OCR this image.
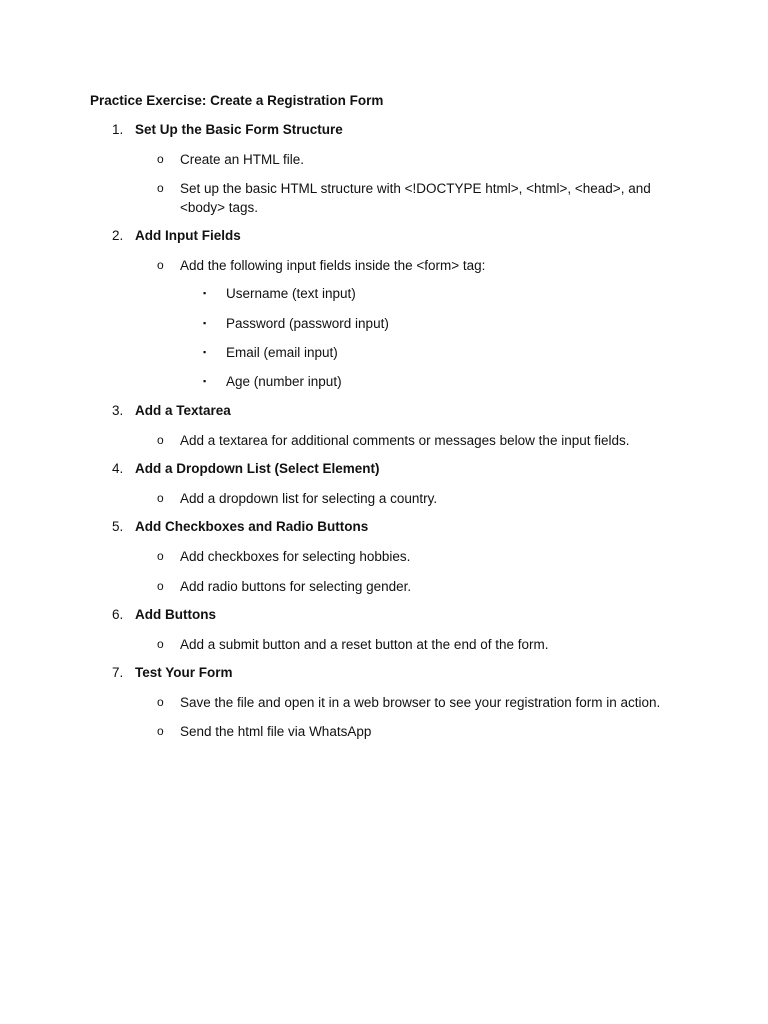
Practice Exercise: Create a Registration Form
1. Set Up the Basic Form Structure
o	Create an HTML file.
o	Set up the basic HTML structure with <!DOCTYPE html>, <html>, <head>, and <body> tags.
2. Add Input Fields
o	Add the following input fields inside the <form> tag:
▪	Username (text input)
▪	Password (password input)
▪	Email (email input)
▪	Age (number input)
3. Add a Textarea
o	Add a textarea for additional comments or messages below the input fields.
4. Add a Dropdown List (Select Element)
o	Add a dropdown list for selecting a country.
5. Add Checkboxes and Radio Buttons
o	Add checkboxes for selecting hobbies.
o	Add radio buttons for selecting gender.
6. Add Buttons
o	Add a submit button and a reset button at the end of the form.
7. Test Your Form
o	Save the file and open it in a web browser to see your registration form in action.
o	Send the html file via WhatsApp
